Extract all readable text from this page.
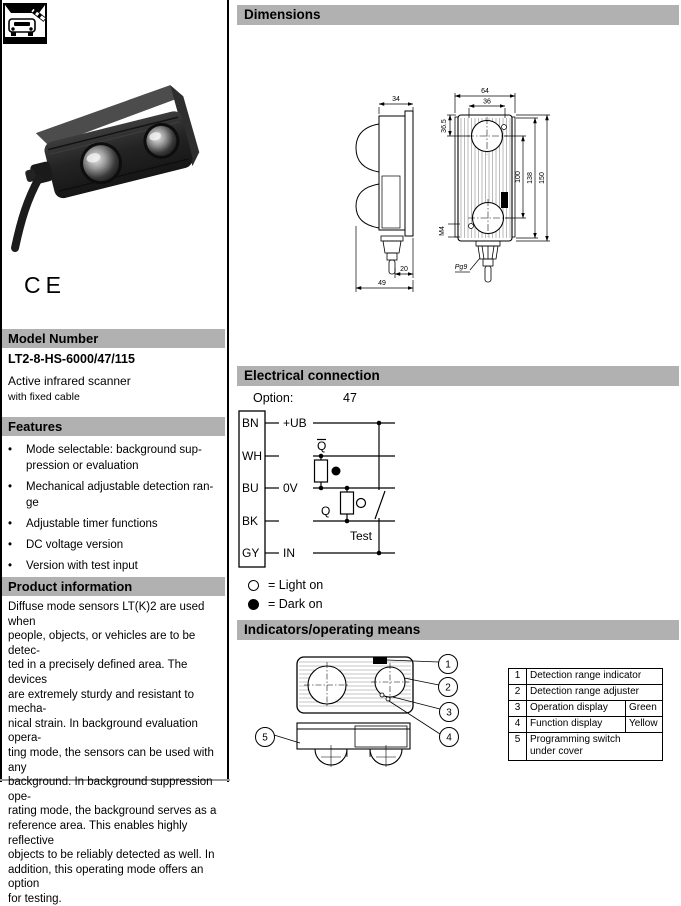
CE
Model Number
LT2-8-HS-6000/47/115
Active infrared scanner
with fixed cable
Features
•	Mode selectable: background sup-
pression or evaluation
•	Mechanical adjustable detection ran-
ge
•	Adjustable timer functions
•	DC voltage version
•	Version with test input
Product information
Diffuse mode sensors LT(K)2 are used when
people, objects, or vehicles are to be detec-
ted in a precisely defined area. The devices
are extremely sturdy and resistant to mecha-
nical strain. In background evaluation opera-
ting mode, the sensors can be used with any
background. In background suppression ope-
rating mode, the background serves as a
reference area. This enables highly reflective
objects to be reliably detected as well. In
addition, this operating mode offers an option
for testing.
Dimensions
34
20
49
64
36
36.5
100 138 150
M4
Pg9
Electrical connection
Option:	47
BN
WH
BU
BK
GY
+UB
0V
IN
Q
Q
Test
= Light on
= Dark on
Indicators/operating means
1
2
3
4
5
1	Detection range indicator	
2	Detection range adjuster	
3	Operation display	Green
4	Function display	Yellow
5	Programming switch
under cover	
